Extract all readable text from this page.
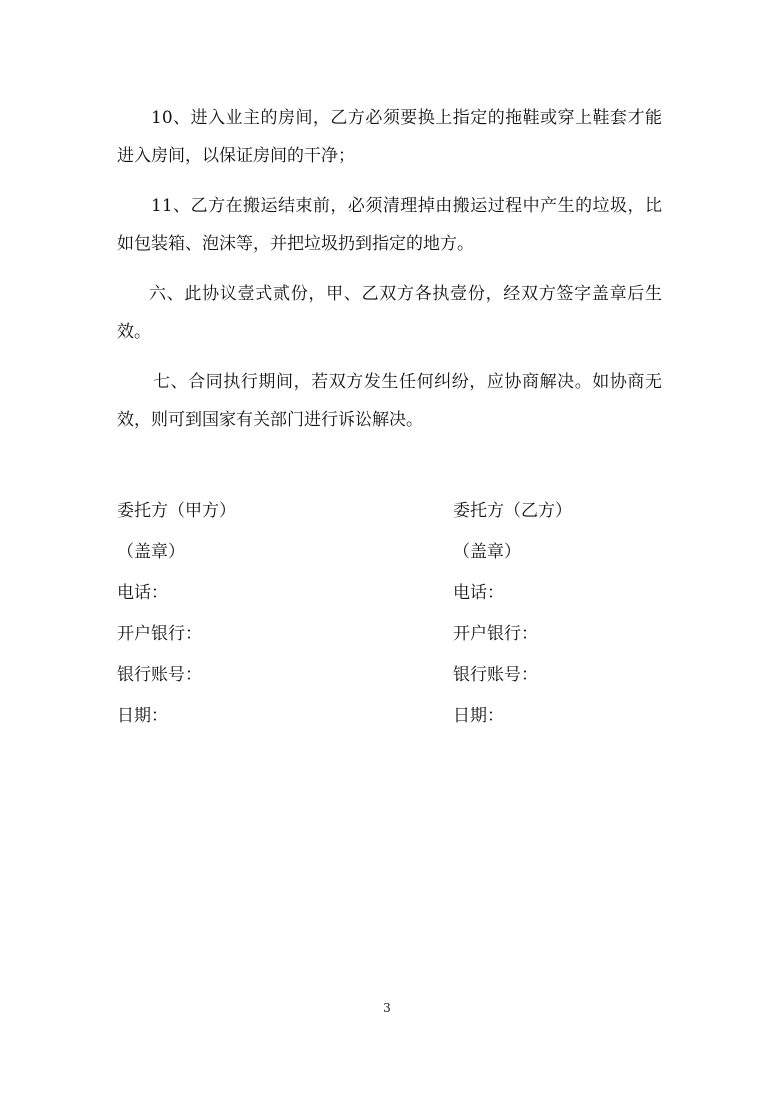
10、进入业主的房间，乙方必须要换上指定的拖鞋或穿上鞋套才能进入房间，以保证房间的干净；

11、乙方在搬运结束前，必须清理掉由搬运过程中产生的垃圾，比如包装箱、泡沫等，并把垃圾扔到指定的地方。

六、此协议壹式贰份，甲、乙双方各执壹份，经双方签字盖章后生效。

七、合同执行期间，若双方发生任何纠纷，应协商解决。如协商无效，则可到国家有关部门进行诉讼解决。

委托方（甲方）
（盖章）
电话：
开户银行：
银行账号：
日期：
委托方（乙方）
（盖章）
电话：
开户银行：
银行账号：
日期：
3
